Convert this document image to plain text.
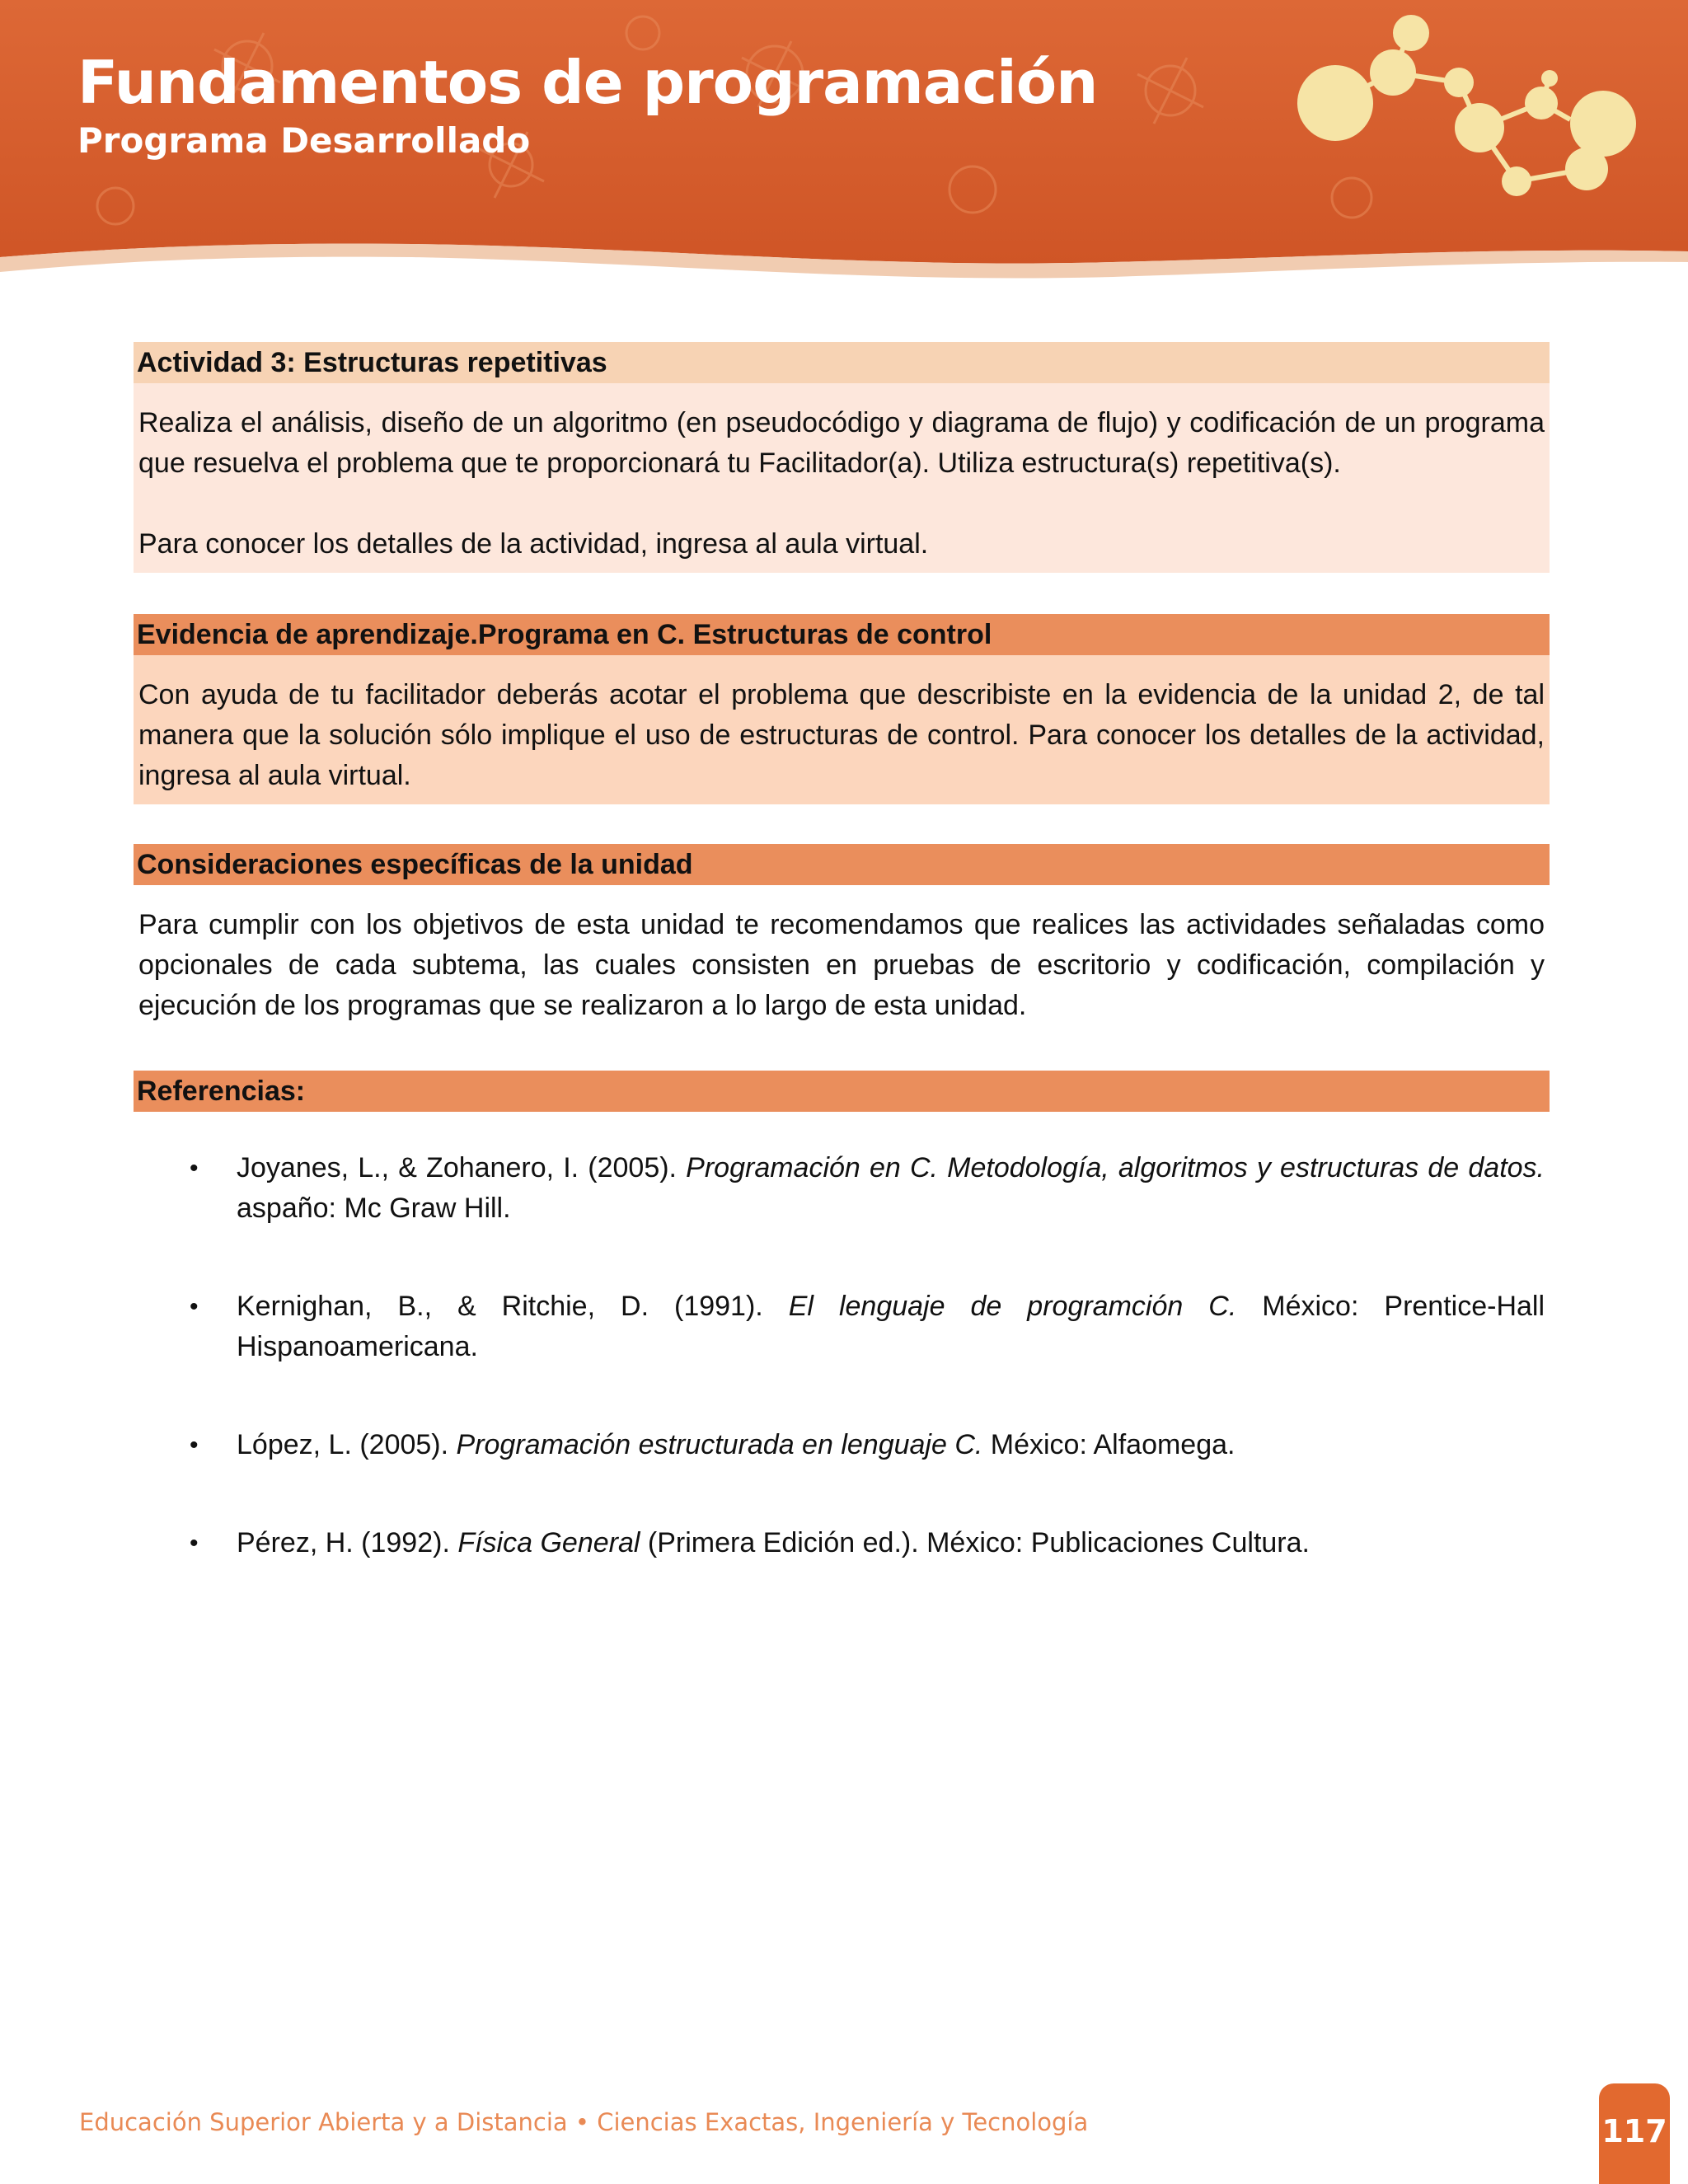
Fundamentos de programación
Programa Desarrollado
Actividad 3: Estructuras repetitivas

Realiza el análisis, diseño de un algoritmo (en pseudocódigo y diagrama de flujo) y codificación de un programa que resuelva el problema que te proporcionará tu Facilitador(a). Utiliza estructura(s) repetitiva(s).

Para conocer los detalles de la actividad, ingresa al aula virtual.

Evidencia de aprendizaje.Programa en C. Estructuras de control

Con ayuda de tu facilitador deberás acotar el problema que describiste en la evidencia de la unidad 2, de tal manera que la solución sólo implique el uso de estructuras de control. Para conocer los detalles de la actividad, ingresa al aula virtual.

Consideraciones específicas de la unidad

Para cumplir con los objetivos de esta unidad te recomendamos que realices las actividades señaladas como opcionales de cada subtema, las cuales consisten en pruebas de escritorio y codificación, compilación y ejecución de los programas que se realizaron a lo largo de esta unidad.

Referencias:
• Joyanes, L., & Zohanero, I. (2005). Programación en C. Metodología, algoritmos y estructuras de datos. aspaño: Mc Graw Hill.
• Kernighan, B., & Ritchie, D. (1991). El lenguaje de programción C. México: Prentice-Hall Hispanoamericana.
• López, L. (2005). Programación estructurada en lenguaje C. México: Alfaomega.
• Pérez, H. (1992). Física General (Primera Edición ed.). México: Publicaciones Cultura.
Educación Superior Abierta y a Distancia • Ciencias Exactas, Ingeniería y Tecnología	117
